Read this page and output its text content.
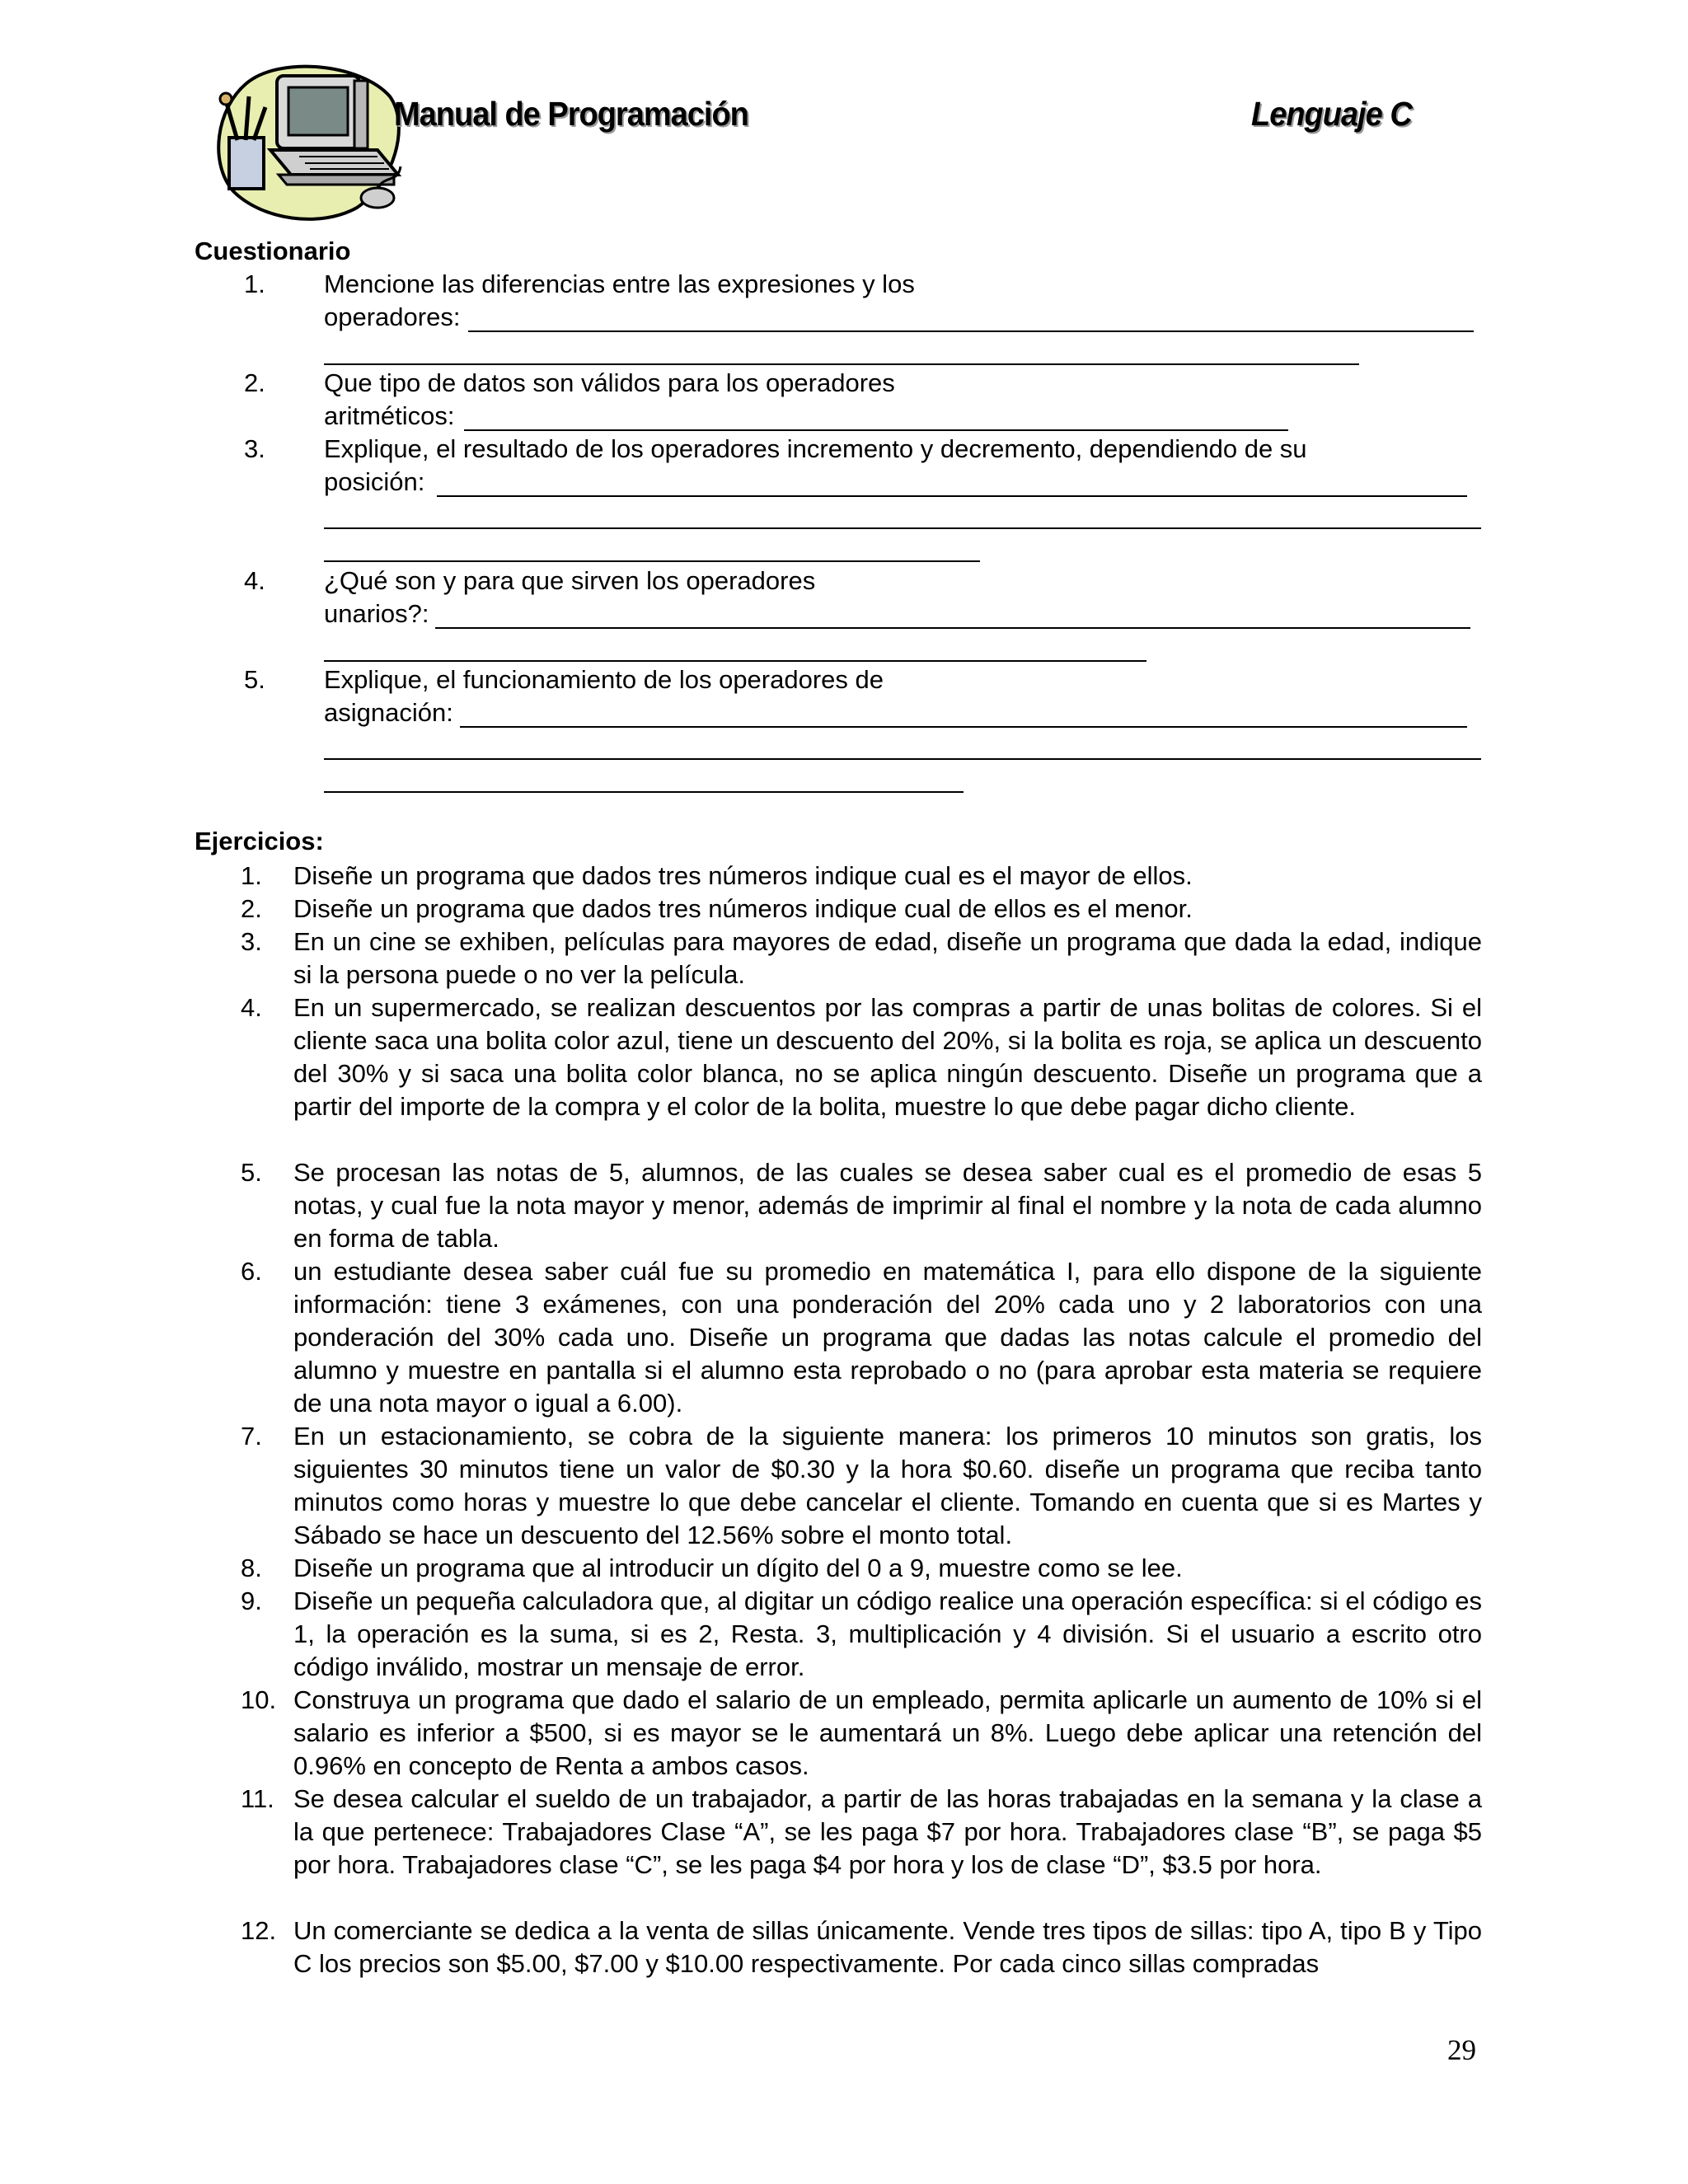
Manual de Programación	Lenguaje C
Cuestionario
1. Mencione las diferencias entre las expresiones y los
operadores:
2. Que tipo de datos son válidos para los operadores
aritméticos:
3. Explique, el resultado de los operadores incremento y decremento, dependiendo de su
posición:
4. ¿Qué son y para que sirven los operadores
unarios?:
5. Explique, el funcionamiento de los operadores de
asignación:
Ejercicios:
1.	Diseñe un programa que dados tres números indique cual es el mayor de ellos.
2.	Diseñe un programa que dados tres números indique cual de ellos es el menor.
3.	En un cine se exhiben, películas para mayores de edad, diseñe un programa que dada la edad, indique si la persona puede o no ver la película.
4.	En un supermercado, se realizan descuentos por las compras a partir de unas bolitas de colores. Si el cliente saca una bolita color azul, tiene un descuento del 20%, si la bolita es roja, se aplica un descuento del 30% y si saca una bolita color blanca, no se aplica ningún descuento. Diseñe un programa que a partir del importe de la compra y el color de la bolita, muestre lo que debe pagar dicho cliente.
5.	Se procesan las notas de 5, alumnos, de las cuales se desea saber cual es el promedio de esas 5 notas, y cual fue la nota mayor y menor, además de imprimir al final el nombre y la nota de cada alumno en forma de tabla.
6.	un estudiante desea saber cuál fue su promedio en matemática I, para ello dispone de la siguiente información: tiene 3 exámenes, con una ponderación del 20% cada uno y 2 laboratorios con una ponderación del 30% cada uno. Diseñe un programa que dadas las notas calcule el promedio del alumno y muestre en pantalla si el alumno esta reprobado o no (para aprobar esta materia se requiere de una nota mayor o igual a 6.00).
7.	En un estacionamiento, se cobra de la siguiente manera: los primeros 10 minutos son gratis, los siguientes 30 minutos tiene un valor de $0.30 y la hora $0.60. diseñe un programa que reciba tanto minutos como horas y muestre lo que debe cancelar el cliente. Tomando en cuenta que si es Martes y Sábado se hace un descuento del 12.56% sobre el monto total.
8.	Diseñe un programa que al introducir un dígito del 0 a 9, muestre como se lee.
9.	Diseñe un pequeña calculadora que, al digitar un código realice una operación específica: si el código es 1, la operación es la suma, si es 2, Resta. 3, multiplicación y 4 división. Si el usuario a escrito otro código inválido, mostrar un mensaje de error.
10. Construya un programa que dado el salario de un empleado, permita aplicarle un aumento de 10% si el salario es inferior a $500, si es mayor se le aumentará un 8%. Luego debe aplicar una retención del 0.96% en concepto de Renta a ambos casos.
11. Se desea calcular el sueldo de un trabajador, a partir de las horas trabajadas en la semana y la clase a la que pertenece: Trabajadores Clase “A”, se les paga $7 por hora. Trabajadores clase “B”, se paga $5 por hora. Trabajadores clase “C”, se les paga $4 por hora y los de clase “D”, $3.5 por hora.
12. Un comerciante se dedica a la venta de sillas únicamente. Vende tres tipos de sillas: tipo A, tipo B y Tipo C los precios son $5.00, $7.00 y $10.00 respectivamente. Por cada cinco sillas compradas
29
